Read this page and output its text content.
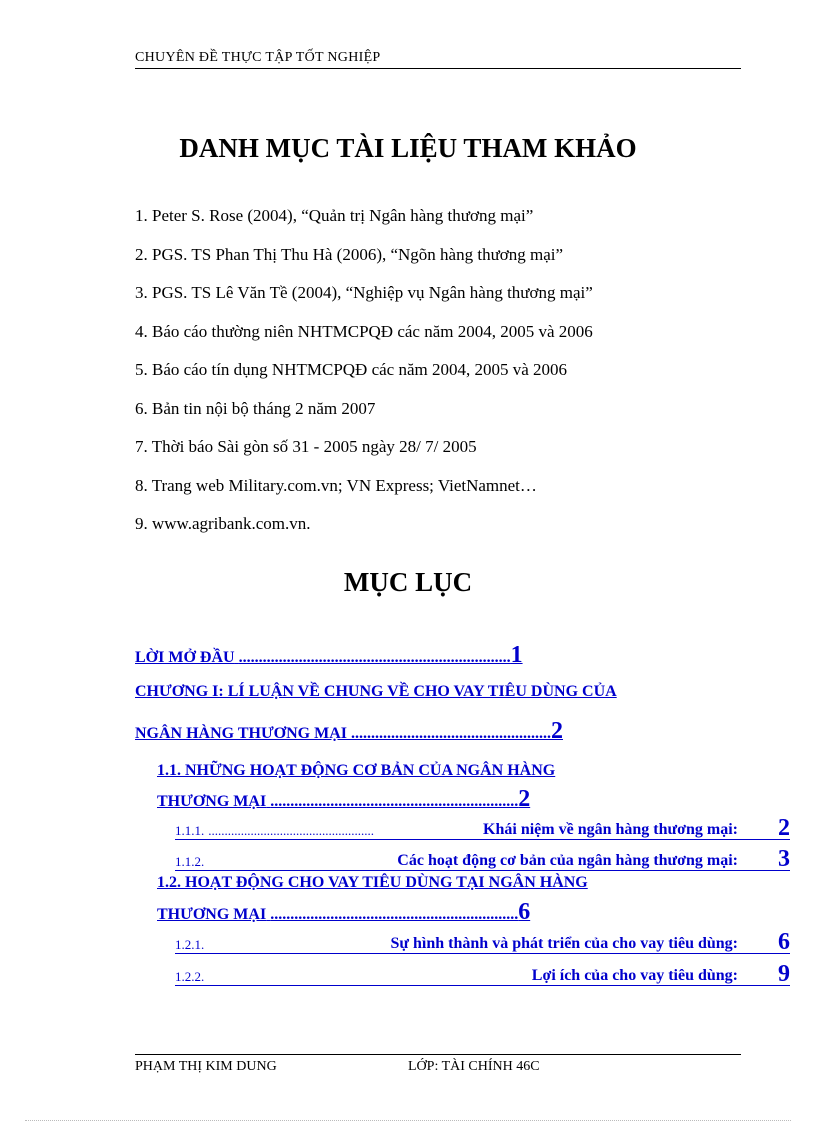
CHUYÊN ĐỀ THỰC TẬP TỐT NGHIỆP
DANH MỤC TÀI LIỆU THAM KHẢO
1. Peter S. Rose (2004), “Quản trị Ngân hàng thương mại”
2. PGS. TS Phan Thị Thu Hà (2006), “Ngõn hàng thương mại”
3. PGS. TS Lê Văn Tề (2004), “Nghiệp vụ Ngân hàng thương mại”
4. Báo cáo thường niên NHTMCPQĐ các năm 2004, 2005 và 2006
5. Báo cáo tín dụng NHTMCPQĐ các năm 2004, 2005 và 2006
6. Bản tin nội bộ tháng 2 năm 2007
7. Thời báo Sài gòn số 31 - 2005 ngày 28/ 7/ 2005
8. Trang web Military.com.vn; VN Express; VietNamnet…
9. www.agribank.com.vn.
MỤC LỤC
LỜI MỞ ĐẦU ....................................................................1
CHƯƠNG I: LÍ LUẬN VỀ CHUNG VỀ CHO VAY TIÊU DÙNG CỦA
NGÂN HÀNG THƯƠNG MẠI ..................................................2
1.1. NHỮNG HOẠT ĐỘNG CƠ BẢN CỦA NGÂN HÀNG
THƯƠNG MẠI ..............................................................2
1.1.1. ...................................................	Khái niệm về ngân hàng thương mại:	2
1.1.2.	Các hoạt động cơ bản của ngân hàng thương mại:	3
1.2. HOẠT ĐỘNG CHO VAY TIÊU DÙNG TẠI NGÂN HÀNG
THƯƠNG MẠI ..............................................................6
1.2.1.	Sự hình thành và phát triển của cho vay tiêu dùng:	6
1.2.2.	Lợi ích của cho vay tiêu dùng:	9
PHẠM THỊ KIM DUNG	LỚP: TÀI CHÍNH 46C
